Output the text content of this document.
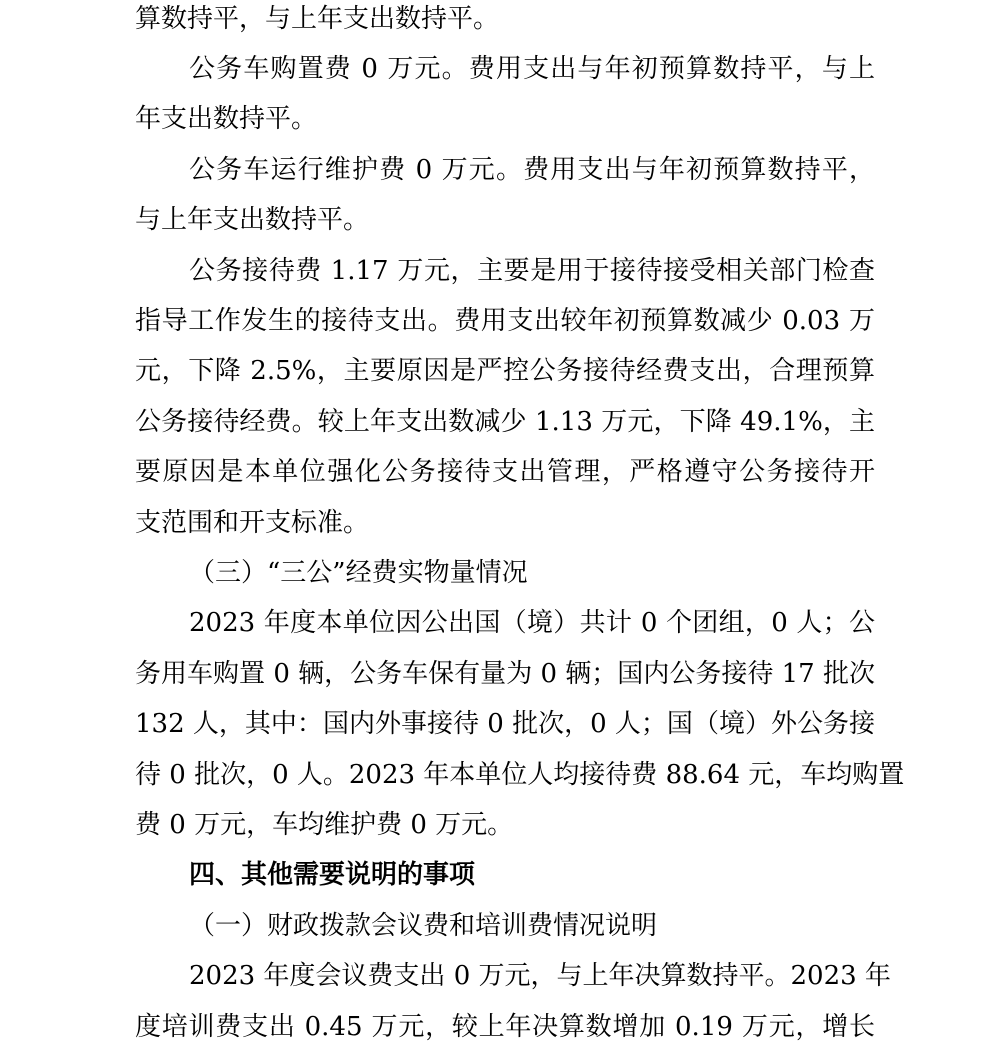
算数持平，与上年支出数持平。
公务车购置费 0 万元。费用支出与年初预算数持平，与上
年支出数持平。
公务车运行维护费 0 万元。费用支出与年初预算数持平，
与上年支出数持平。
公务接待费 1.17 万元，主要是用于接待接受相关部门检查
指导工作发生的接待支出。费用支出较年初预算数减少 0.03 万
元，下降 2.5%，主要原因是严控公务接待经费支出，合理预算
公务接待经费。较上年支出数减少 1.13 万元，下降 49.1%，主
要原因是本单位强化公务接待支出管理，严格遵守公务接待开
支范围和开支标准。
（三）“三公”经费实物量情况
2023 年度本单位因公出国（境）共计 0 个团组，0 人；公
务用车购置 0 辆，公务车保有量为 0 辆；国内公务接待 17 批次
132 人，其中：国内外事接待 0 批次，0 人；国（境）外公务接
待 0 批次，0 人。2023 年本单位人均接待费 88.64 元，车均购置
费 0 万元，车均维护费 0 万元。
四、其他需要说明的事项
（一）财政拨款会议费和培训费情况说明
2023 年度会议费支出 0 万元，与上年决算数持平。2023 年
度培训费支出 0.45 万元，较上年决算数增加 0.19 万元，增长
